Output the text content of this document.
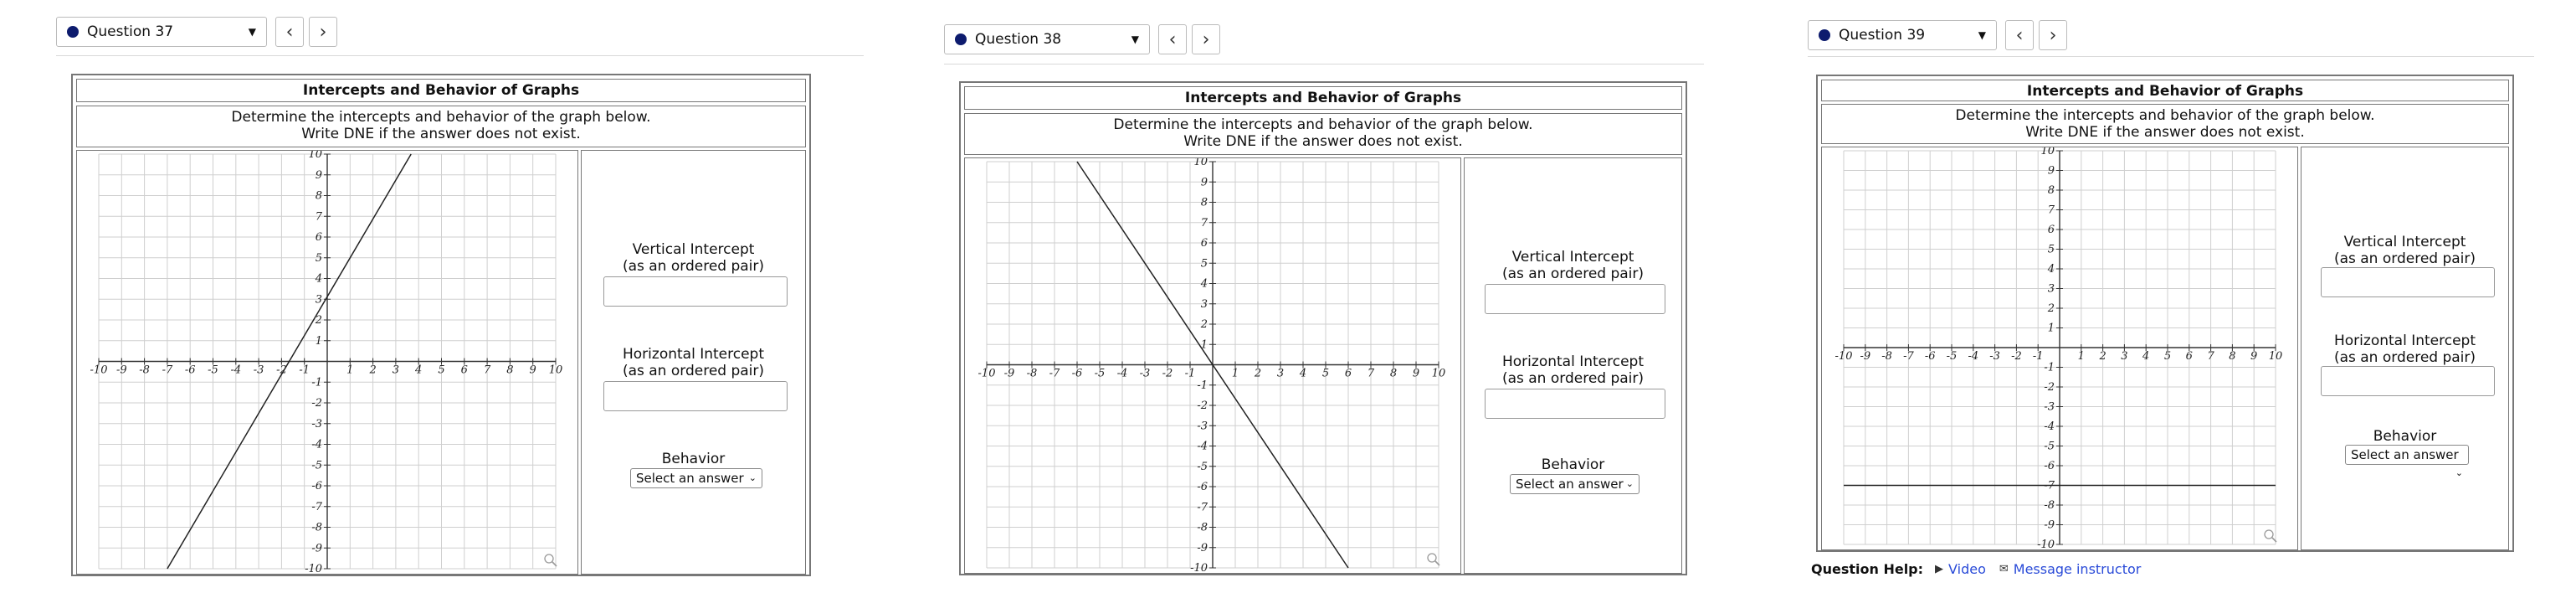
Question 37	▼ ‹ ›
Intercepts and Behavior of Graphs
Determine the intercepts and behavior of the graph below.
Write DNE if the answer does not exist.
-10
-10
-9
-9
-8
-8
-7
-7
-6
-6
-5
-5
-4
-4
-3
-3
-2
-2
-1
-1
1
1
2
2
3
3
4
4
5
5
6
6
7
7
8
8
9
9
10
10
Vertical Intercept
(as an ordered pair)
Horizontal Intercept
(as an ordered pair)
Behavior
Select an answer ⌄
Question 38	▼ ‹ ›
Intercepts and Behavior of Graphs
Determine the intercepts and behavior of the graph below.
Write DNE if the answer does not exist.
-10
-10
-9
-9
-8
-8
-7
-7
-6
-6
-5
-5
-4
-4
-3
-3
-2
-2
-1
-1
1
1
2
2
3
3
4
4
5
5
6
6
7
7
8
8
9
9
10
10
Vertical Intercept
(as an ordered pair)
Horizontal Intercept
(as an ordered pair)
Behavior
Select an answer ⌄
Question 39	▼ ‹ ›
Intercepts and Behavior of Graphs
Determine the intercepts and behavior of the graph below.
Write DNE if the answer does not exist.
-10
-10
-9
-9
-8
-8
-7
-7
-6
-6
-5
-5
-4
-4
-3
-3
-2
-2
-1
-1
1
1
2
2
3
3
4
4
5
5
6
6
7
7
8
8
9
9
10
10
Vertical Intercept
(as an ordered pair)
Horizontal Intercept
(as an ordered pair)
Behavior
Select an answer
⌄
Question Help: ▶ Video ✉ Message instructor
